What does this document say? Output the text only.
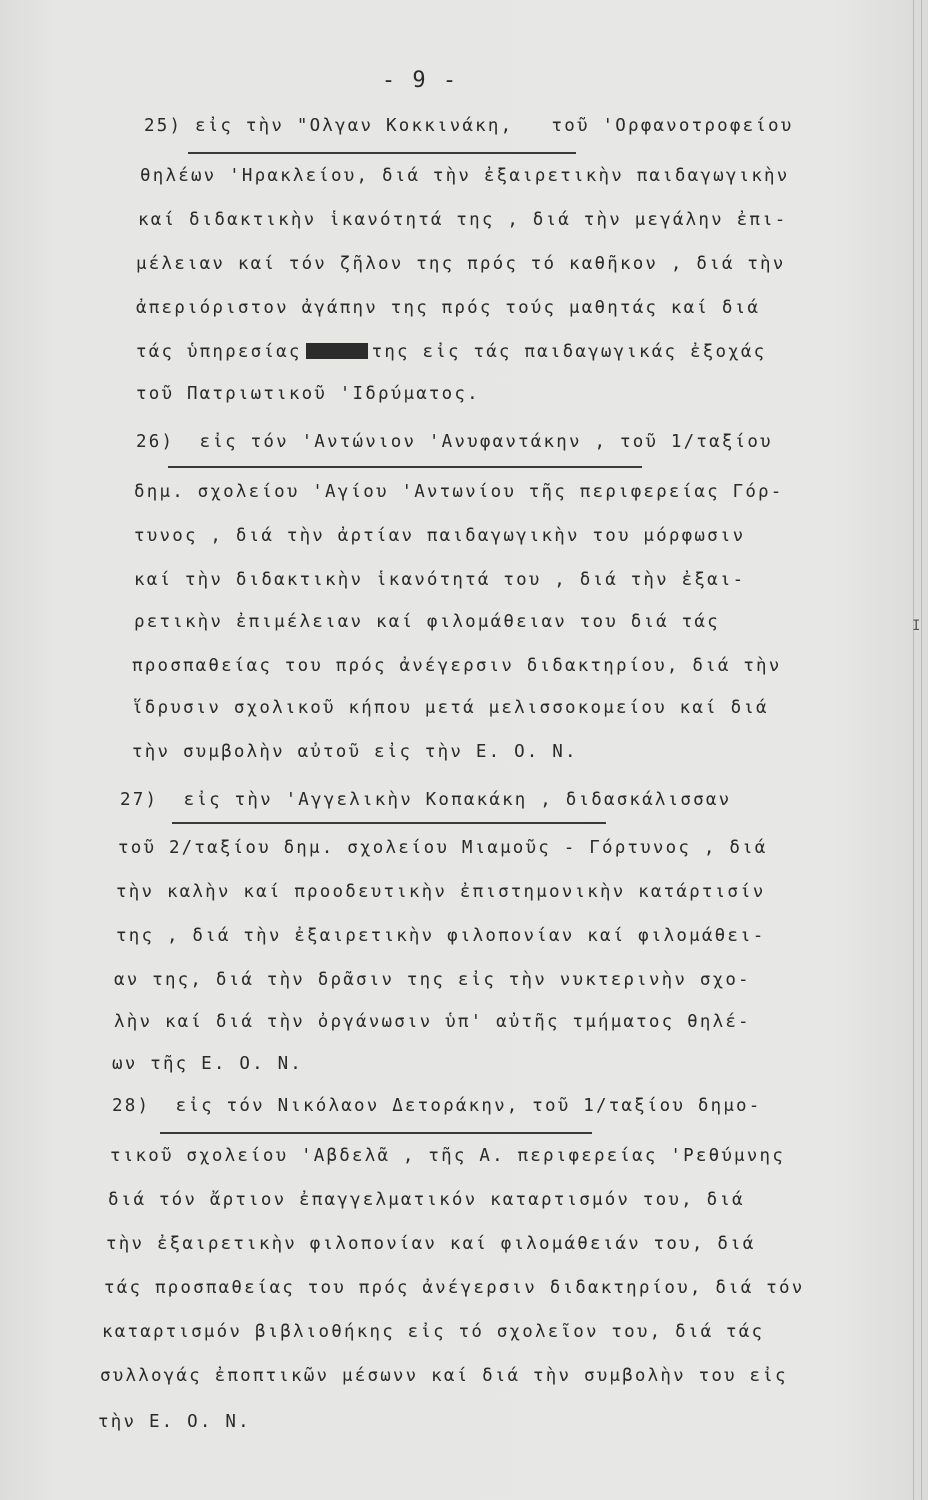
- 9 -
25) εἰς τὴν "Ολγαν Κοκκινάκη,   τοῦ 'Ορφανοτροφείου
θηλέων 'Ηρακλείου, διά τὴν ἐξαιρετικὴν παιδαγωγικὴν
καί διδακτικὴν ἱκανότητά της , διά τὴν μεγάλην ἐπι-
μέλειαν καί τόν ζῆλον της πρός τό καθῆκον , διά τὴν
ἀπεριόριστον ἀγάπην της πρός τούς μαθητάς καί διά
τάς ὑπηρεσίας	της εἰς τάς παιδαγωγικάς ἐξοχάς
τοῦ Πατριωτικοῦ 'Ιδρύματος.
26)  εἰς τόν 'Αντώνιον 'Ανυφαντάκην , τοῦ 1/ταξίου
δημ. σχολείου 'Αγίου 'Αντωνίου τῆς περιφερείας Γόρ-
τυνος , διά τὴν ἀρτίαν παιδαγωγικὴν του μόρφωσιν
καί τὴν διδακτικὴν ἱκανότητά του , διά τὴν ἐξαι-
ρετικὴν ἐπιμέλειαν καί φιλομάθειαν του διά τάς
προσπαθείας του πρός ἀνέγερσιν διδακτηρίου, διά τὴν
ἵδρυσιν σχολικοῦ κήπου μετά μελισσοκομείου καί διά
τὴν συμβολὴν αὐτοῦ εἰς τὴν Ε. Ο. Ν.
27)  εἰς τὴν 'Αγγελικὴν Κοπακάκη , διδασκάλισσαν
τοῦ 2/ταξίου δημ. σχολείου Μιαμοῦς - Γόρτυνος , διά
τὴν καλὴν καί προοδευτικὴν ἐπιστημονικὴν κατάρτισίν
της , διά τὴν ἐξαιρετικὴν φιλοπονίαν καί φιλομάθει-
αν της, διά τὴν δρᾶσιν της εἰς τὴν νυκτερινὴν σχο-
λὴν καί διά τὴν ὀργάνωσιν ὑπ' αὐτῆς τμήματος θηλέ-
ων τῆς Ε. Ο. Ν.
28)  εἰς τόν Νικόλαον Δετοράκην, τοῦ 1/ταξίου δημο-
τικοῦ σχολείου 'Αβδελᾶ , τῆς Α. περιφερείας 'Ρεθύμνης
διά τόν ἄρτιον ἐπαγγελματικόν καταρτισμόν του, διά
τὴν ἐξαιρετικὴν φιλοπονίαν καί φιλομάθειάν του, διά
τάς προσπαθείας του πρός ἀνέγερσιν διδακτηρίου, διά τόν
καταρτισμόν βιβλιοθήκης εἰς τό σχολεῖον του, διά τάς
συλλογάς ἐποπτικῶν μέσωνν καί διά τὴν συμβολὴν του εἰς
τὴν Ε. Ο. Ν.
I
